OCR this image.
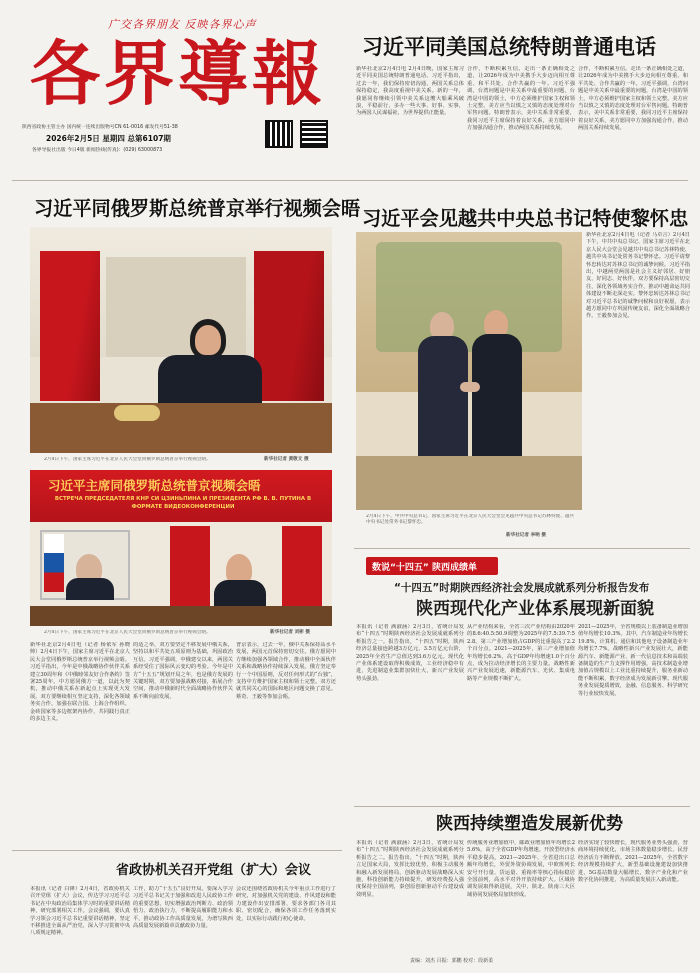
广交各界朋友 反映各界心声
各界導報
陕西省政协主管主办 国内统一连续出版物号CN 61-0016 邮发代号51-38
2026年2月5日 星期四 总第6107期
各界导报社出版 今日4版 新闻热线(传真)：(029) 63000873
习近平同美国总统特朗普通电话
新华社北京2月4日电 2月4日晚，国家主席习近平同美国总统特朗普通电话。习近平指出，过去一年，我们保持密切沟通，两国关系总体保持稳定，我高度重视中美关系。新的一年，我愿同你继续引领中美关系这艘大船乘风破浪，平稳前行，多办一些大事、好事、实事，为两国人民谋福祉，为世界提供正能量。
合作，不断积累互信。走出一条正确相处之道，让2026年成为中美携手大步迈向相互尊重、和平共处、合作共赢的一年。习近平强调，台湾问题是中美关系中最重要的问题，台湾是中国的领土，中方必须维护国家主权和领土完整。美方应当以慎之又慎的态度处理对台军售问题。特朗普表示，美中关系非常重要，我同习近平主席保持着良好关系，美方愿同中方加强沟通合作，推动两国关系持续发展。
合作，不断积累互信。走出一条正确相处之道，让2026年成为中美携手大步迈向相互尊重、和平共处、合作共赢的一年。习近平强调，台湾问题是中美关系中最重要的问题，台湾是中国的领土，中方必须维护国家主权和领土完整。美方应当以慎之又慎的态度处理对台军售问题。特朗普表示，美中关系非常重要，我同习近平主席保持着良好关系，美方愿同中方加强沟通合作，推动两国关系持续发展。
习近平同俄罗斯总统普京举行视频会晤
2月4日下午，国家主席习近平在北京人民大会堂同俄罗斯总统普京举行视频会晤。	新华社记者 黄敬文 摄
习近平主席同俄罗斯总统普京视频会晤
ВСТРЕЧА ПРЕДСЕДАТЕЛЯ КНР СИ ЦЗИНЬПИНА И ПРЕЗИДЕНТА РФ В. В. ПУТИНА В ФОРМАТЕ ВИДЕОКОНФЕРЕНЦИИ
2月4日下午，国家主席习近平在北京人民大会堂同俄罗斯总统普京举行视频会晤。	新华社记者 刘彬 摄
新华社北京2月4日电（记者 杨依军 孙晓帅）2月4日下午，国家主席习近平在北京人民大会堂同俄罗斯总统普京举行视频会晤。习近平指出，今年是中俄战略协作伙伴关系建立30周年和《中俄睦邻友好合作条约》签署25周年。中方愿同俄方一道，以此为契机，推动中俄关系在新起点上实现更大发展。双方要继续相互坚定支持，深化各领域务实合作，加强在联合国、上海合作组织、金砖国家等多边框架内协作，共同践行真正的多边主义。
的适之举，双方要坚定不移发展中俄关系，坚持以和平共处五项原则为基础，巩固政治互信。习近平强调，中俄建交以来，两国关系经受住了国际风云变幻的考验。今年是中方“十五五”规划开局之年，也是俄方发展的关键时期，双方要加强战略对接，拓展合作空间，推动中俄新时代全面战略协作伙伴关系不断向前发展。
普京表示，过去一年，俄中关系保持高水平发展，两国元首保持密切交往。俄方愿同中方继续加强各领域合作，推动俄中全面伙伴关系和战略协作持续深入发展。俄方坚定奉行一个中国原则，反对任何形式的“台独”，支持中方维护国家主权和领土完整。双方还就共同关心的国际和地区问题交换了意见。蔡奇、王毅等参加会晤。
省政协机关召开党组（扩大）会议
本报讯（记者 白锋）2月4日，省政协机关召开党组（扩大）会议，传达学习习近平总书记在中央政治局集体学习时的重要讲话精神，研究部署相关工作。会议强调，要认真学习领会习近平总书记重要讲话精神，坚定不移推进全面从严治党，深入学习贯彻中央八项规定精神。
工作，助力“十五五”良好开局。要深入学习习近平总书记关于加强和改进人民政协工作的重要思想，切实增强政治判断力、政治领悟力、政治执行力，不断提高履职能力和水平，推动政协工作高质量发展，为谱写陕西高质量发展新篇章贡献政协力量。
会议还围绕省政协机关今年重点工作进行了研究，对加强机关党的建设、作风建设和能力建设作出安排部署，要求各部门各司其职、密切配合，确保各项工作任务落到实处，以实际行动践行初心使命。
习近平会见越共中央总书记特使黎怀忠
2月4日下午，中共中央总书记、国家主席习近平在北京人民大会堂会见越共中央总书记苏林特使、越共中央书记处常务书记黎怀忠。
新华社记者 李响 摄
新华社北京2月4日电（记者 马卓言）2月4日下午，中共中央总书记、国家主席习近平在北京人民大会堂会见越共中央总书记苏林特使、越共中央书记处常务书记黎怀忠。习近平请黎怀忠转达对苏林总书记的诚挚问候。习近平指出，中越两党两国是社会主义好邻居、好朋友、好同志、好伙伴。双方要保持高层密切交往，深化各领域务实合作，推动中越命运共同体建设不断走深走实。黎怀忠转达苏林总书记对习近平总书记的诚挚问候和良好祝愿，表示越方愿同中方巩固传统友谊，深化全面战略合作。王毅参加会见。
数说“十四五” 陕西成绩单
“十四五”时期陕西经济社会发展成就系列分析报告发布
陕西现代化产业体系展现新面貌
本报讯（记者 满淑涵）2月3日，省统计局发布“十四五”时期陕西经济社会发展成就系列分析报告之一。报告指出，“十四五”时期，陕西经济总量接连跨越3万亿元、3.5万亿元台阶，2025年全省生产总值达到3.6万亿元。现代化产业体系建设取得积极成效，工业经济稳中有进，先进制造业集群加快壮大，新兴产业发展势头强劲。
从产业结构来看，全省三次产业结构由2020年的8.6:40.5:50.9调整为2025年的7.5:39.7:52.8。第三产业增加值占GDP的比重提高了2.2个百分点。2021—2025年，第三产业增加值年均增长6.2%，高于GDP年均增速1.0个百分点，成为拉动经济增长的主要力量。战略性新兴产业发展迅速，新能源汽车、光伏、集成电路等产业规模不断扩大。
2021—2025年，全省规模以上装备制造业增加值年均增长10.3%。其中，汽车制造业年均增长19.8%，计算机、通信和其他电子设备制造业年均增长7.7%。战略性新兴产业发展壮大，新能源汽车、新能源产业、新一代信息技术和高端装备制造的生产力支撑作用增强，高技术制造业增加值占规模以上工业比重持续提升，服务业新动能不断积累，数字经济成为发展新引擎。现代服务业发展提质增效，金融、信息服务、科学研究等行业较快发展。
陕西持续塑造发展新优势
本报讯（记者 满淑涵）2月3日，省统计局发布“十四五”时期陕西经济社会发展成就系列分析报告之二。报告指出，“十四五”时期，陕西立足国家大局，发挥比较优势，积极主动服务和融入新发展格局，创新驱动发展战略深入实施，科技创新能力持续提升，研发经费投入强度保持全国前列，秦创原创新驱动平台建设成效明显。
传统服务业增加值中，邮政业增加值年均增长25.6%，高于全省GDP年均增速。开放型经济水平稳步提高，2021—2025年，全省进出口总额年均增长，外贸外资协调发展，中欧班列长安号开行量、货运量、重箱率等核心指标稳居全国前列，高水平对外开放持续扩大。区域协调发展取得新进展，关中、陕北、陕南三大区域协同发展格局加快形成。
经济实现了较快增长，现代服务业势头强劲，营商环境持续优化，市场主体数量稳步增长，民营经济活力不断释放。2021—2025年，全省数字经济规模持续扩大，新型基础设施建设加快推进，5G基站数量大幅增长，数字产业化和产业数字化协同推进，为高质量发展注入新动能。
责编：刘杰 吕振：郭鹏 校对：段新柔
